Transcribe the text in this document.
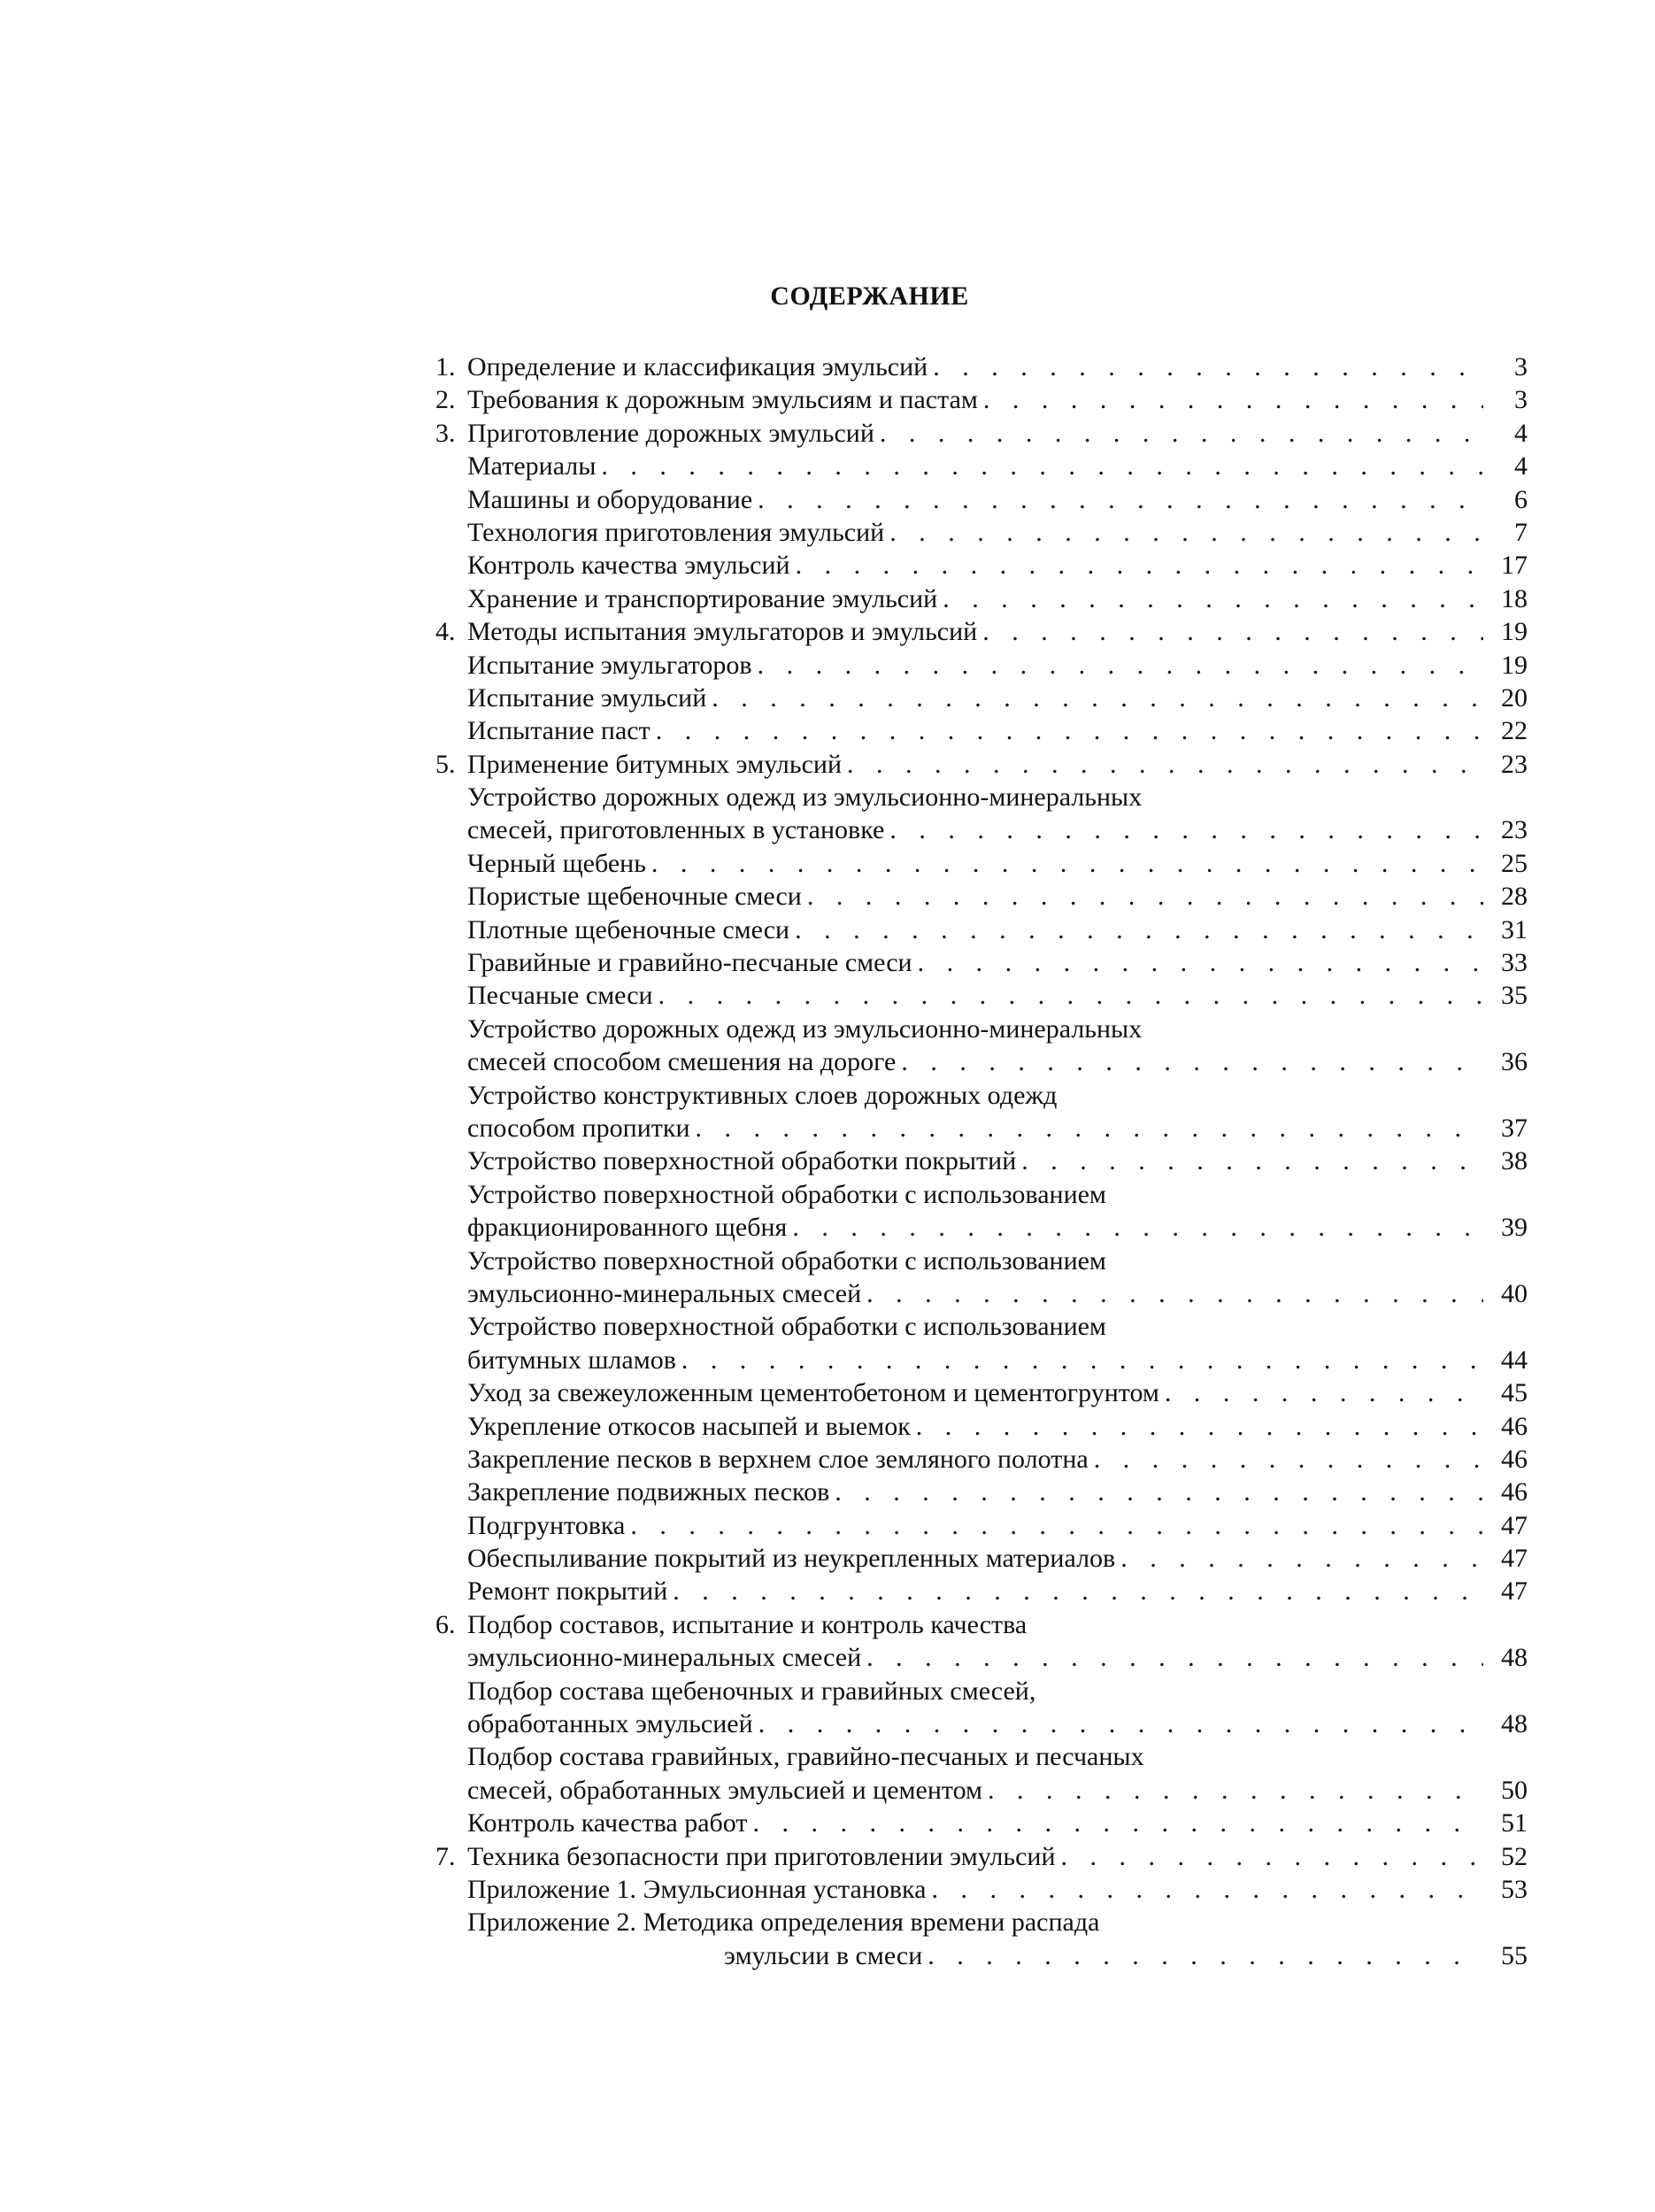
СОДЕРЖАНИЕ
1. Определение и классификация эмульсий . . .	3
2. Требования к дорожным эмульсиям и пастам . . .	3
3. Приготовление дорожных эмульсий . . .	4
Материалы . . .	4
Машины и оборудование . . .	6
Технология приготовления эмульсий . . .	7
Контроль качества эмульсий . . .	17
Хранение и транспортирование эмульсий . . .	18
4. Методы испытания эмульгаторов и эмульсий . . .	19
Испытание эмульгаторов . . .	19
Испытание эмульсий . . .	20
Испытание паст . . .	22
5. Применение битумных эмульсий . . .	23
Устройство дорожных одежд из эмульсионно-минеральных
смесей, приготовленных в установке . . .	23
Черный щебень . . .	25
Пористые щебеночные смеси . . .	28
Плотные щебеночные смеси . . .	31
Гравийные и гравийно-песчаные смеси . . .	33
Песчаные смеси . . .	35
Устройство дорожных одежд из эмульсионно-минеральных
смесей способом смешения на дороге . . .	36
Устройство конструктивных слоев дорожных одежд
способом пропитки . . .	37
Устройство поверхностной обработки покрытий . . .	38
Устройство поверхностной обработки с использованием
фракционированного щебня . . .	39
Устройство поверхностной обработки с использованием
эмульсионно-минеральных смесей . . .	40
Устройство поверхностной обработки с использованием
битумных шламов . . .	44
Уход за свежеуложенным цементобетоном и цементогрунтом . . .	45
Укрепление откосов насыпей и выемок . . .	46
Закрепление песков в верхнем слое земляного полотна . . .	46
Закрепление подвижных песков . . .	46
Подгрунтовка . . .	47
Обеспыливание покрытий из неукрепленных материалов . . .	47
Ремонт покрытий . . .	47
6. Подбор составов, испытание и контроль качества
эмульсионно-минеральных смесей . . .	48
Подбор состава щебеночных и гравийных смесей,
обработанных эмульсией . . .	48
Подбор состава гравийных, гравийно-песчаных и песчаных
смесей, обработанных эмульсией и цементом . . .	50
Контроль качества работ . . .	51
7. Техника безопасности при приготовлении эмульсий . . .	52
Приложение 1. Эмульсионная установка . . .	53
Приложение 2. Методика определения времени распада
эмульсии в смеси . . .	55
